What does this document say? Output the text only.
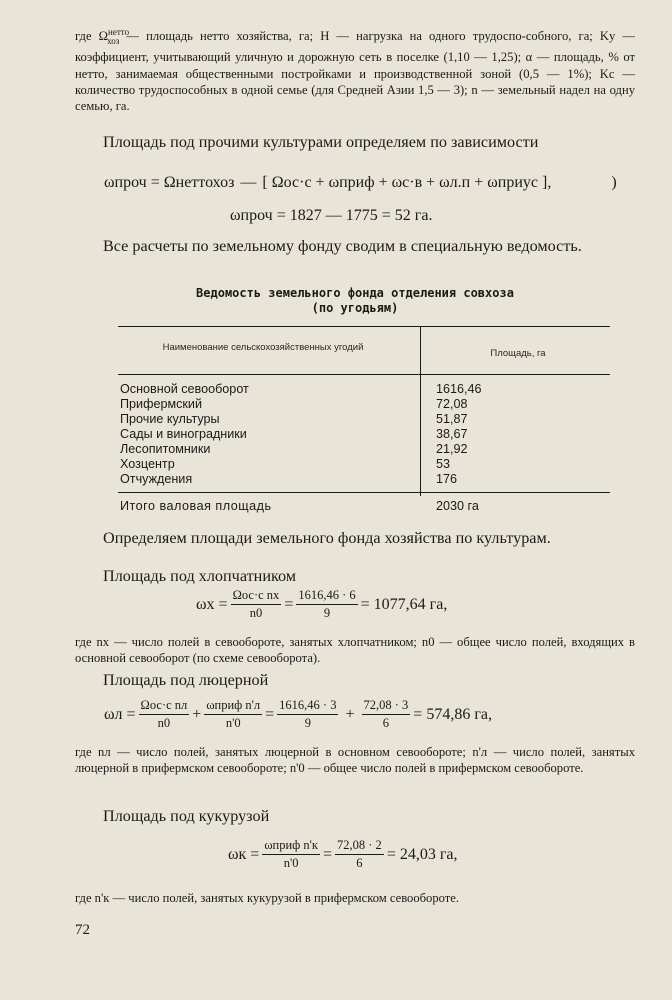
где $\Omega^{нетто}_{хоз}$ — площадь нетто хозяйства, га; H — нагрузка на одного трудоспо-собного, га; Kу — коэффициент, учитывающий уличную и дорожную сеть в поселке (1,10 — 1,25); α — площадь, % от нетто, занимаемая общественными постройками и производственной зоной (0,5 — 1%); Kс — количество трудоспособных в одной семье (для Средней Азии 1,5 — 3); n — земельный надел на одну семью, га.
Площадь под прочими культурами определяем по зависимости
ωпроч = Ωнеттохоз — [ Ωос·с + ωприф + ωс·в + ωл.п + ωприус ],	)
ωпроч = 1827 — 1775 = 52 га.
Все расчеты по земельному фонду сводим в специальную ведомость.
Ведомость земельного фонда отделения совхоза
(по угодьям)
Наименование сельскохозяйственных угодий
Площадь, га
Основной севооборот	1616,46
Прифермский	72,08
Прочие культуры	51,87
Сады и виноградники	38,67
Лесопитомники	21,92
Хозцентр	53
Отчуждения	176
Итого валовая площадь	2030 га
Определяем площади земельного фонда хозяйства по культурам.
Площадь под хлопчатником
$\omega х = \frac{\text{Ωос·с nх}}{n0} = \frac{1616,46 \cdot 6}{9} = 1077,64$ га,
где nх — число полей в севообороте, занятых хлопчатником; n0 — общее число полей, входящих в основной севооборот (по схеме севооборота).
Площадь под люцерной
$\omega л = \frac{\text{Ωос·с nл}}{n0} + \frac{\text{ωприф n'л}}{n'0} = \frac{1616,46 \cdot 3}{9} + \frac{72,08 \cdot 3}{6} = 574,86$ га,
где nл — число полей, занятых люцерной в основном севообороте; n'л — число полей, занятых люцерной в прифермском севообороте; n'0 — общее число полей в прифермском севообороте.
Площадь под кукурузой
$\omega к = \frac{\text{ωприф n'к}}{n'0} = \frac{72,08 \cdot 2}{6} = 24,03$ га,
где n'к — число полей, занятых кукурузой в прифермском севообороте.
72
